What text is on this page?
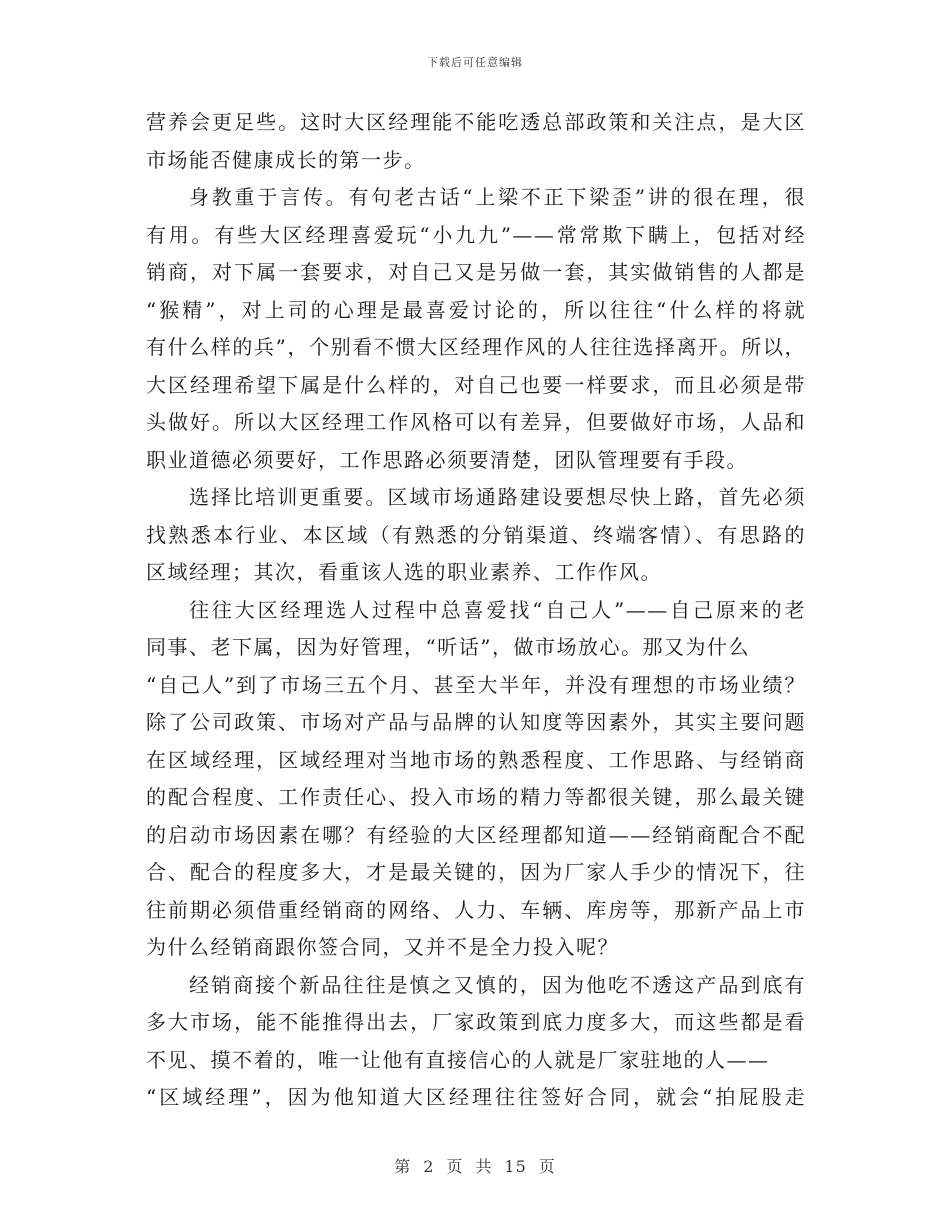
下载后可任意编辑
营养会更足些。这时大区经理能不能吃透总部政策和关注点，是大区
市场能否健康成长的第一步。
身教重于言传。有句老古话“上梁不正下梁歪”讲的很在理，很
有用。有些大区经理喜爱玩“小九九”——常常欺下瞒上，包括对经
销商，对下属一套要求，对自己又是另做一套，其实做销售的人都是
“猴精”，对上司的心理是最喜爱讨论的，所以往往“什么样的将就
有什么样的兵”，个别看不惯大区经理作风的人往往选择离开。所以，
大区经理希望下属是什么样的，对自己也要一样要求，而且必须是带
头做好。所以大区经理工作风格可以有差异，但要做好市场，人品和
职业道德必须要好，工作思路必须要清楚，团队管理要有手段。
选择比培训更重要。区域市场通路建设要想尽快上路，首先必须
找熟悉本行业、本区域（有熟悉的分销渠道、终端客情）、有思路的
区域经理；其次，看重该人选的职业素养、工作作风。
往往大区经理选人过程中总喜爱找“自己人”——自己原来的老
同事、老下属，因为好管理，“听话”，做市场放心。那又为什么
“自己人”到了市场三五个月、甚至大半年，并没有理想的市场业绩？
除了公司政策、市场对产品与品牌的认知度等因素外，其实主要问题
在区域经理，区域经理对当地市场的熟悉程度、工作思路、与经销商
的配合程度、工作责任心、投入市场的精力等都很关键，那么最关键
的启动市场因素在哪？有经验的大区经理都知道——经销商配合不配
合、配合的程度多大，才是最关键的，因为厂家人手少的情况下，往
往前期必须借重经销商的网络、人力、车辆、库房等，那新产品上市
为什么经销商跟你签合同，又并不是全力投入呢？
经销商接个新品往往是慎之又慎的，因为他吃不透这产品到底有
多大市场，能不能推得出去，厂家政策到底力度多大，而这些都是看
不见、摸不着的，唯一让他有直接信心的人就是厂家驻地的人——
“区域经理”，因为他知道大区经理往往签好合同，就会“拍屁股走
第 2 页 共 15 页
